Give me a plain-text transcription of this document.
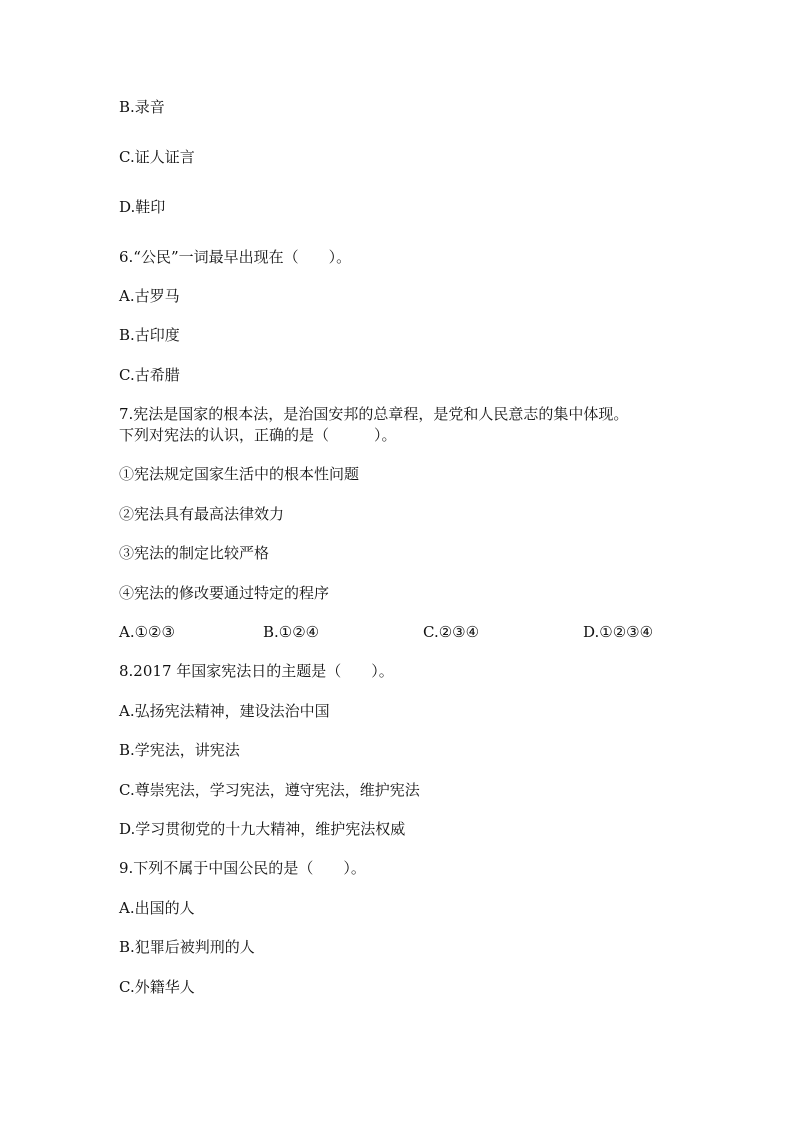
B.录音
C.证人证言
D.鞋印
6.“公民”一词最早出现在（　　）。
A.古罗马
B.古印度
C.古希腊
7.宪法是国家的根本法，是治国安邦的总章程，是党和人民意志的集中体现。
下列对宪法的认识，正确的是（　　　）。
①宪法规定国家生活中的根本性问题
②宪法具有最高法律效力
③宪法的制定比较严格
④宪法的修改要通过特定的程序
A.①②③	B.①②④	C.②③④	D.①②③④
8.2017 年国家宪法日的主题是（　　）。
A.弘扬宪法精神，建设法治中国
B.学宪法，讲宪法
C.尊崇宪法，学习宪法，遵守宪法，维护宪法
D.学习贯彻党的十九大精神，维护宪法权威
9.下列不属于中国公民的是（　　）。
A.出国的人
B.犯罪后被判刑的人
C.外籍华人
